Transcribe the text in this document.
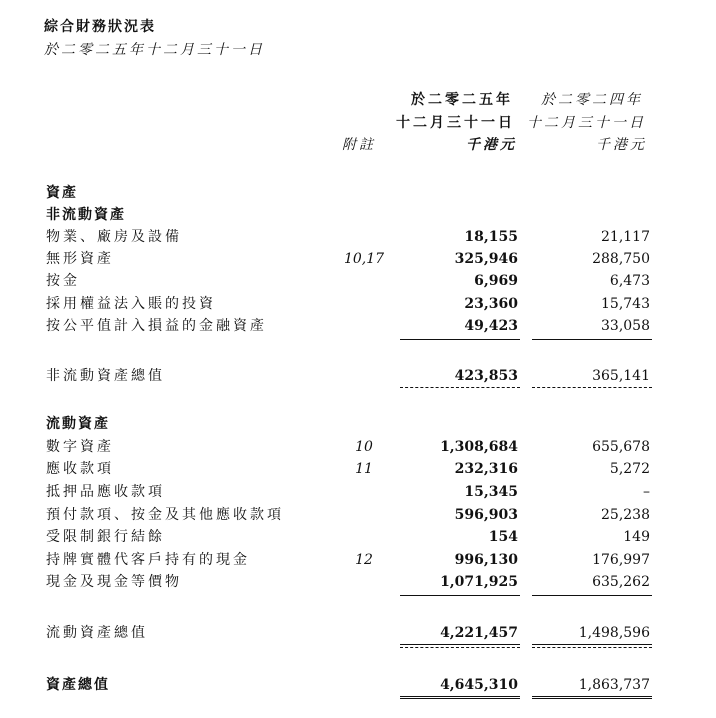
綜合財務狀況表
於二零二五年十二月三十一日
於二零二五年 於二零二四年
十二月三十一日 十二月三十一日
附註	千港元	千港元
資產
非流動資產
物業、廠房及設備	18,155	21,117
無形資產	10,17	325,946	288,750
按金	6,969	6,473
採用權益法入賬的投資	23,360	15,743
按公平值計入損益的金融資產	49,423	33,058
非流動資產總值	423,853	365,141
流動資產
數字資產	10	1,308,684	655,678
應收款項	11	232,316	5,272
抵押品應收款項	15,345	–
預付款項、按金及其他應收款項	596,903	25,238
受限制銀行結餘	154	149
持牌實體代客戶持有的現金	12	996,130	176,997
現金及現金等價物	1,071,925	635,262
流動資產總值	4,221,457	1,498,596
資產總值	4,645,310	1,863,737
